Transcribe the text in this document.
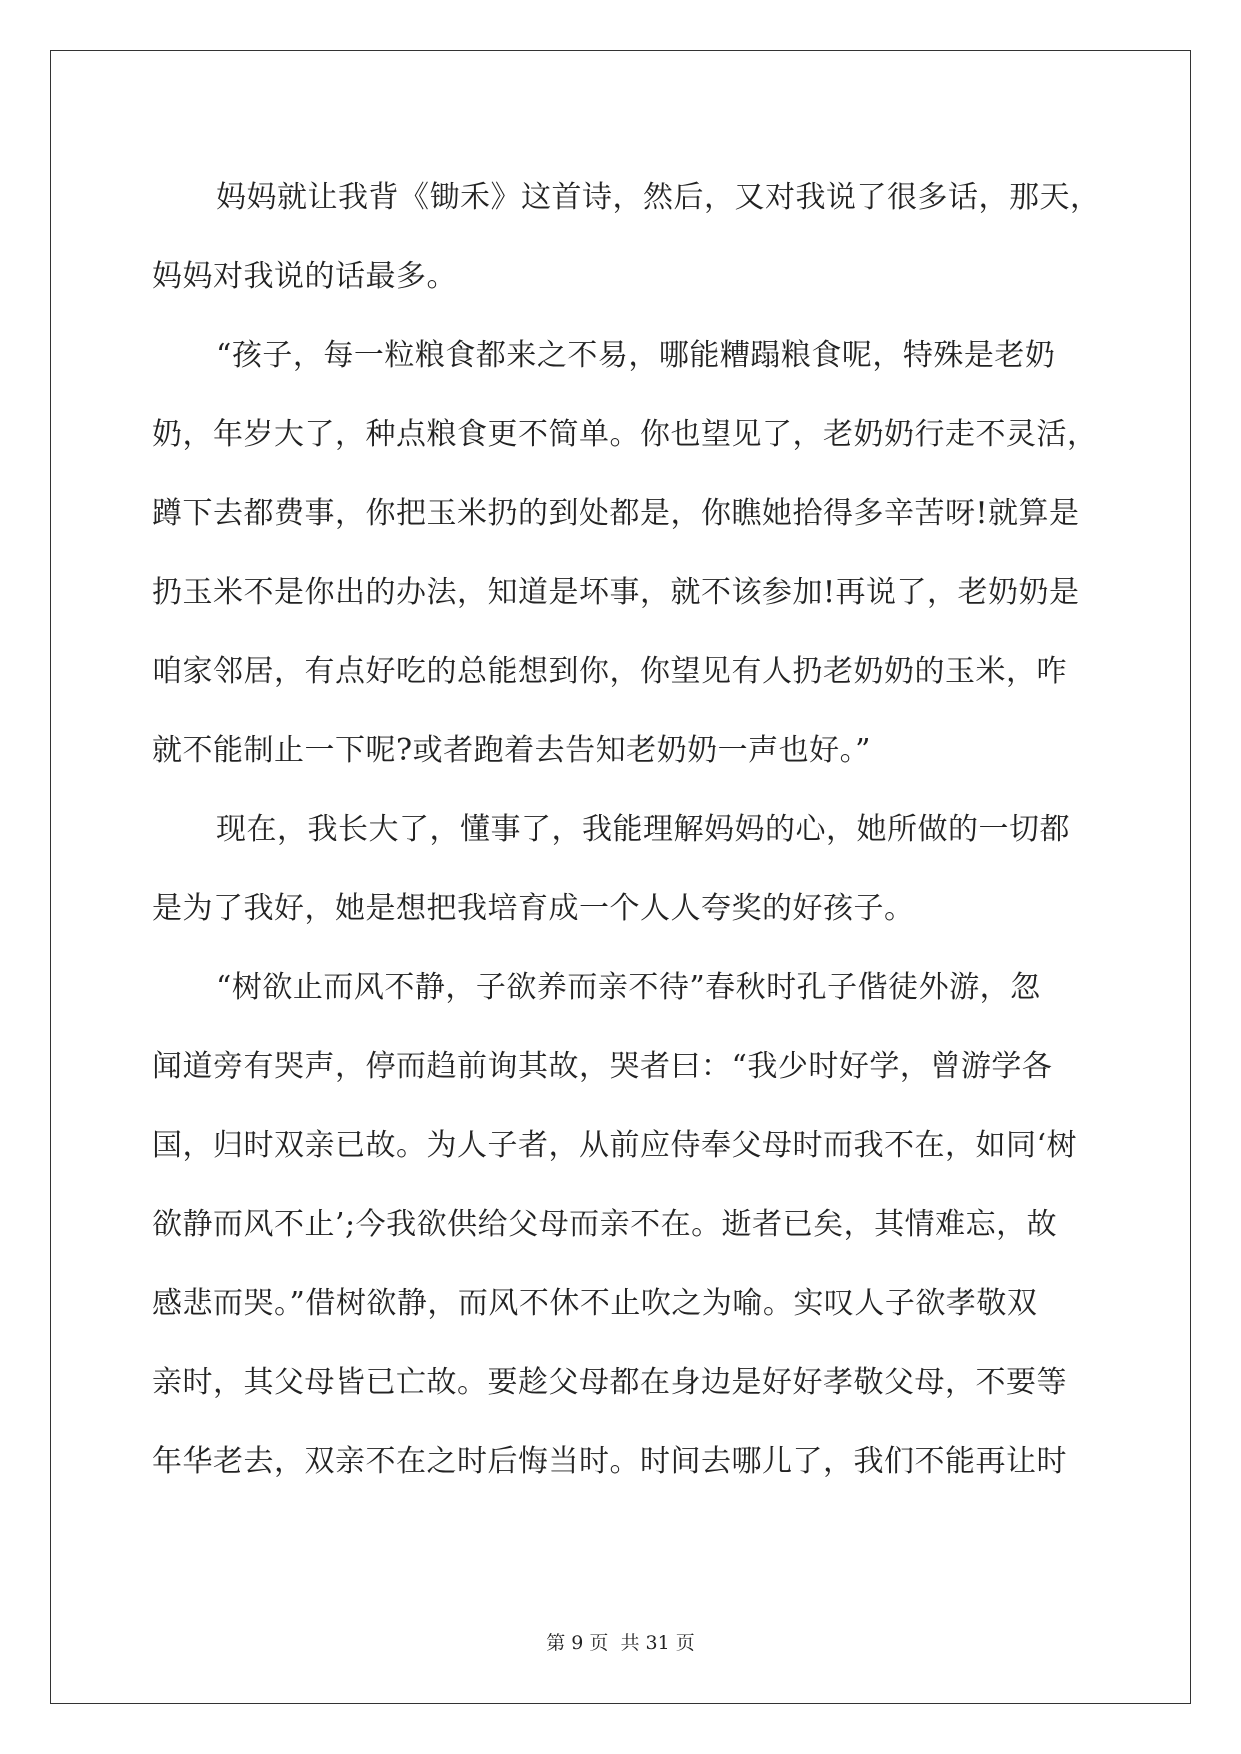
妈妈就让我背《锄禾》这首诗，然后，又对我说了很多话，那天，
妈妈对我说的话最多。

“孩子，每一粒粮食都来之不易，哪能糟蹋粮食呢，特殊是老奶
奶，年岁大了，种点粮食更不简单。你也望见了，老奶奶行走不灵活，
蹲下去都费事，你把玉米扔的到处都是，你瞧她拾得多辛苦呀!就算是
扔玉米不是你出的办法，知道是坏事，就不该参加!再说了，老奶奶是
咱家邻居，有点好吃的总能想到你，你望见有人扔老奶奶的玉米，咋
就不能制止一下呢?或者跑着去告知老奶奶一声也好。”

现在，我长大了，懂事了，我能理解妈妈的心，她所做的一切都
是为了我好，她是想把我培育成一个人人夸奖的好孩子。

“树欲止而风不静，子欲养而亲不待”春秋时孔子偕徒外游，忽
闻道旁有哭声，停而趋前询其故，哭者曰：“我少时好学，曾游学各
国，归时双亲已故。为人子者，从前应侍奉父母时而我不在，如同‘树
欲静而风不止’;今我欲供给父母而亲不在。逝者已矣，其情难忘，故
感悲而哭。”借树欲静，而风不休不止吹之为喻。实叹人子欲孝敬双
亲时，其父母皆已亡故。要趁父母都在身边是好好孝敬父母，不要等
年华老去，双亲不在之时后悔当时。时间去哪儿了，我们不能再让时

第 9 页 共 31 页
